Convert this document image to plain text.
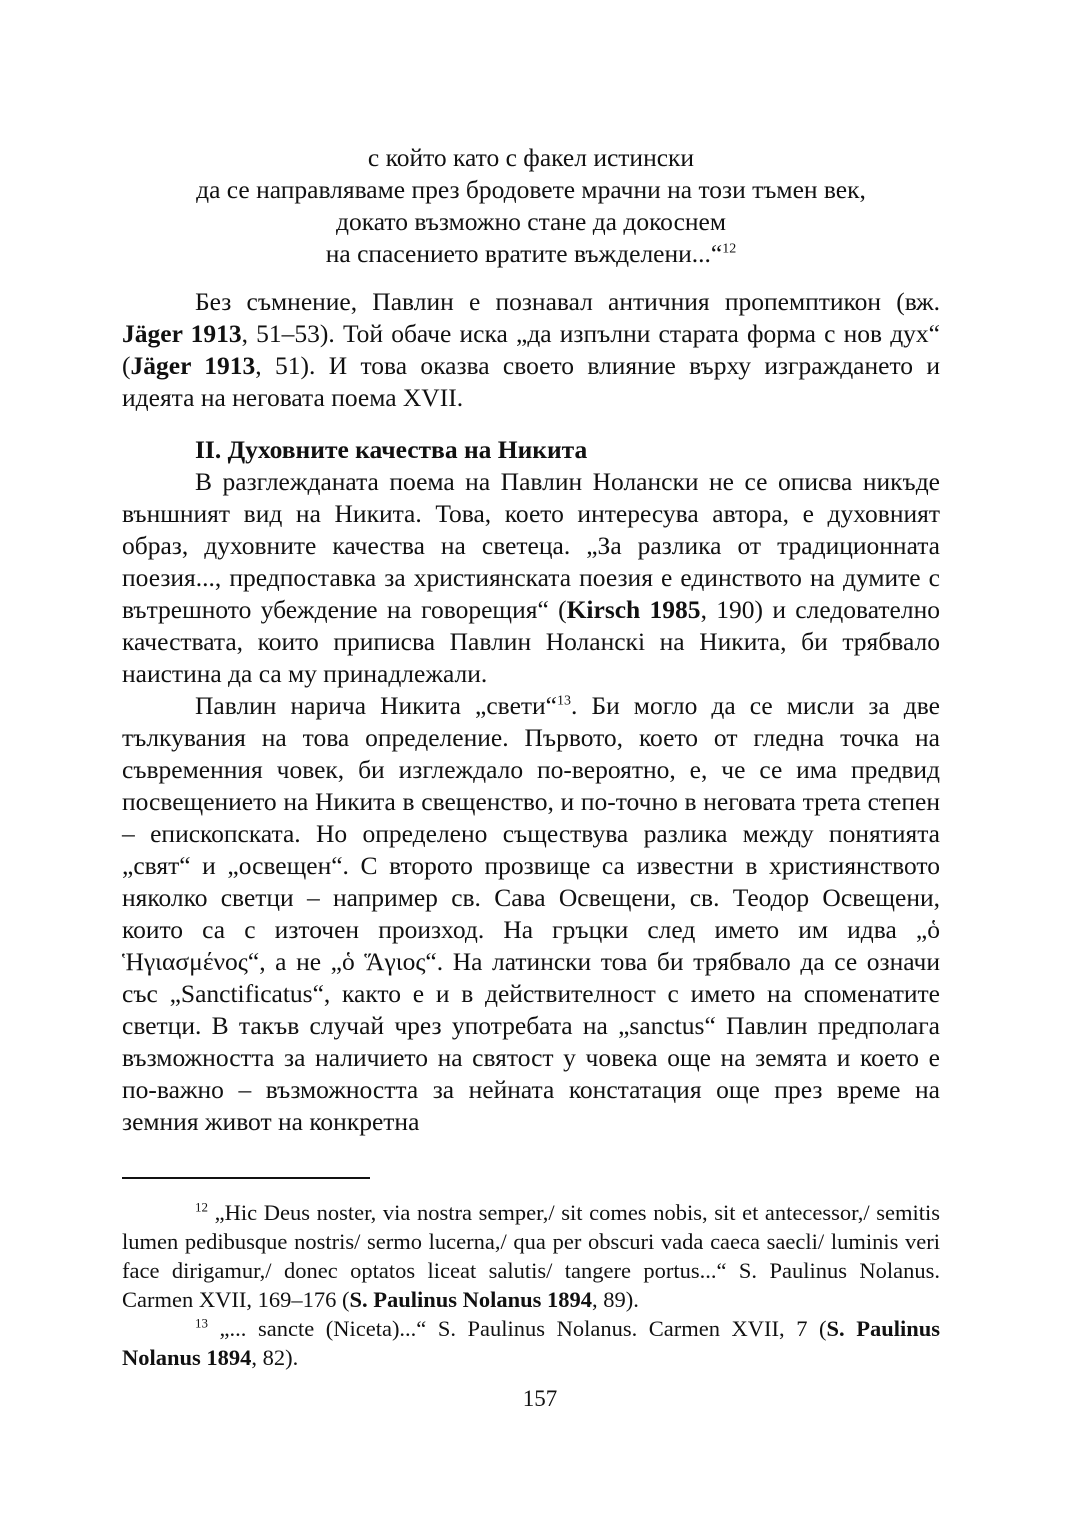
с който като с факел истински
да се направляваме през бродовете мрачни на този тъмен век,
докато възможно стане да докоснем
на спасението вратите въжделени...“$^{12}$
Без съмнение, Павлин е познавал античния пропемптикон (вж. Jäger 1913, 51–53). Той обаче иска „да изпълни старата форма с нов дух“ (Jäger 1913, 51). И това оказва своето влияние върху изграждането и идеята на неговата поема XVII.
II. Духовните качества на Никита
В разглежданата поема на Павлин Нолански не се описва никъде външният вид на Никита. Това, което интересува автора, е духовният образ, духовните качества на светеца. „За разлика от традиционната поезия..., предпоставка за християнската поезия е единството на думите с вътрешното убеждение на говорещия“ (Kirsch 1985, 190) и следователно качествата, които приписва Павлин Ноланскi на Никита, би трябвало наистина да са му принадлежали.
Павлин нарича Никита „свети“$^{13}$. Би могло да се мисли за две тълкувания на това определение. Първото, което от гледна точка на съвременния човек, би изглеждало по-вероятно, е, че се има предвид посвещението на Никита в свещенство, и по-точно в неговата трета степен – епископската. Но определено съществува разлика между понятията „свят“ и „освещен“. С второто прозвище са известни в християнството няколко светци – например св. Сава Освещени, св. Теодор Освещени, които са с източен произход. На гръцки след името им идва „ὁ Ἡγιασμένος“, а не „ὁ Ἅγιος“. На латински това би трябвало да се означи със „Sanctificatus“, както е и в действителност с името на споменатите светци. В такъв случай чрез употребата на „sanctus“ Павлин предполага възможността за наличието на святост у човека още на земята и което е по-важно – възможността за нейната констатация още през време на земния живот на конкретна
$^{12}$ „Hic Deus noster, via nostra semper,/ sit comes nobis, sit et antecessor,/ semitis lumen pedibusque nostris/ sermo lucerna,/ qua per obscuri vada caeca saecli/ luminis veri face dirigamur,/ donec optatos liceat salutis/ tangere portus...“ S. Paulinus Nolanus. Carmen XVII, 169–176 (S. Paulinus Nolanus 1894, 89).
$^{13}$ „... sancte (Niceta)...“ S. Paulinus Nolanus. Carmen XVII, 7 (S. Paulinus Nolanus 1894, 82).
157
